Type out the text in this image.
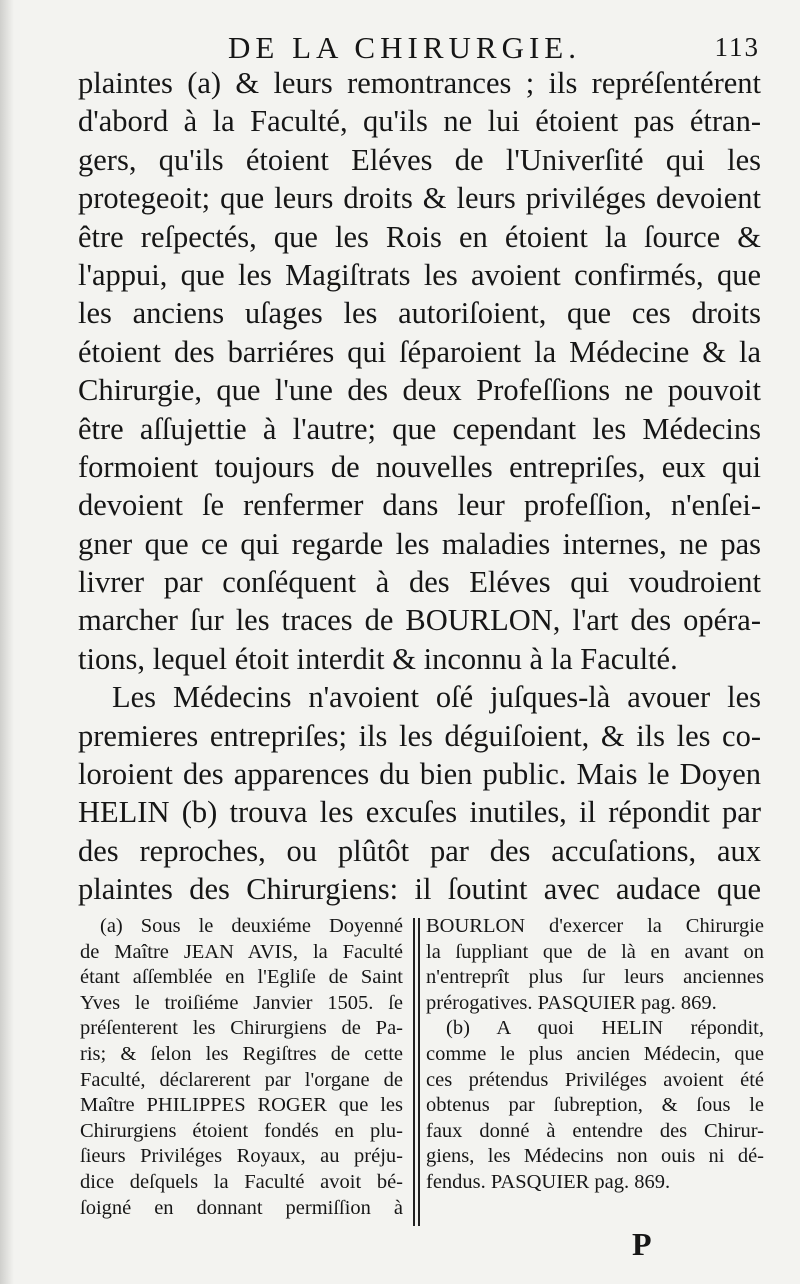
DE LA CHIRURGIE.	113
plaintes (a) & leurs remontrances ; ils repréſentérent
d'abord à la Faculté, qu'ils ne lui étoient pas étran-
gers, qu'ils étoient Eléves de l'Univerſité qui les
protegeoit; que leurs droits & leurs priviléges devoient
être reſpectés, que les Rois en étoient la ſource &
l'appui, que les Magiſtrats les avoient confirmés, que
les anciens uſages les autoriſoient, que ces droits
étoient des barriéres qui ſéparoient la Médecine & la
Chirurgie, que l'une des deux Profeſſions ne pouvoit
être aſſujettie à l'autre; que cependant les Médecins
formoient toujours de nouvelles entrepriſes, eux qui
devoient ſe renfermer dans leur profeſſion, n'enſei-
gner que ce qui regarde les maladies internes, ne pas
livrer par conſéquent à des Eléves qui voudroient
marcher ſur les traces de BOURLON, l'art des opéra-
tions, lequel étoit interdit & inconnu à la Faculté.
Les Médecins n'avoient oſé juſques-là avouer les
premieres entrepriſes; ils les déguiſoient, & ils les co-
loroient des apparences du bien public. Mais le Doyen
HELIN (b) trouva les excuſes inutiles, il répondit par
des reproches, ou plûtôt par des accuſations, aux
plaintes des Chirurgiens: il ſoutint avec audace que
(a) Sous le deuxiéme Doyenné
de Maître JEAN AVIS, la Faculté
étant aſſemblée en l'Egliſe de Saint
Yves le troiſiéme Janvier 1505. ſe
préſenterent les Chirurgiens de Pa-
ris; & ſelon les Regiſtres de cette
Faculté, déclarerent par l'organe de
Maître PHILIPPES ROGER que les
Chirurgiens étoient fondés en plu-
ſieurs Priviléges Royaux, au préju-
dice deſquels la Faculté avoit bé-
ſoigné en donnant permiſſion à
BOURLON d'exercer la Chirurgie
la ſuppliant que de là en avant on
n'entreprît plus ſur leurs anciennes
prérogatives. PASQUIER pag. 869.
(b) A quoi HELIN répondit,
comme le plus ancien Médecin, que
ces prétendus Priviléges avoient été
obtenus par ſubreption, & ſous le
faux donné à entendre des Chirur-
giens, les Médecins non ouis ni dé-
fendus. PASQUIER pag. 869.
P
